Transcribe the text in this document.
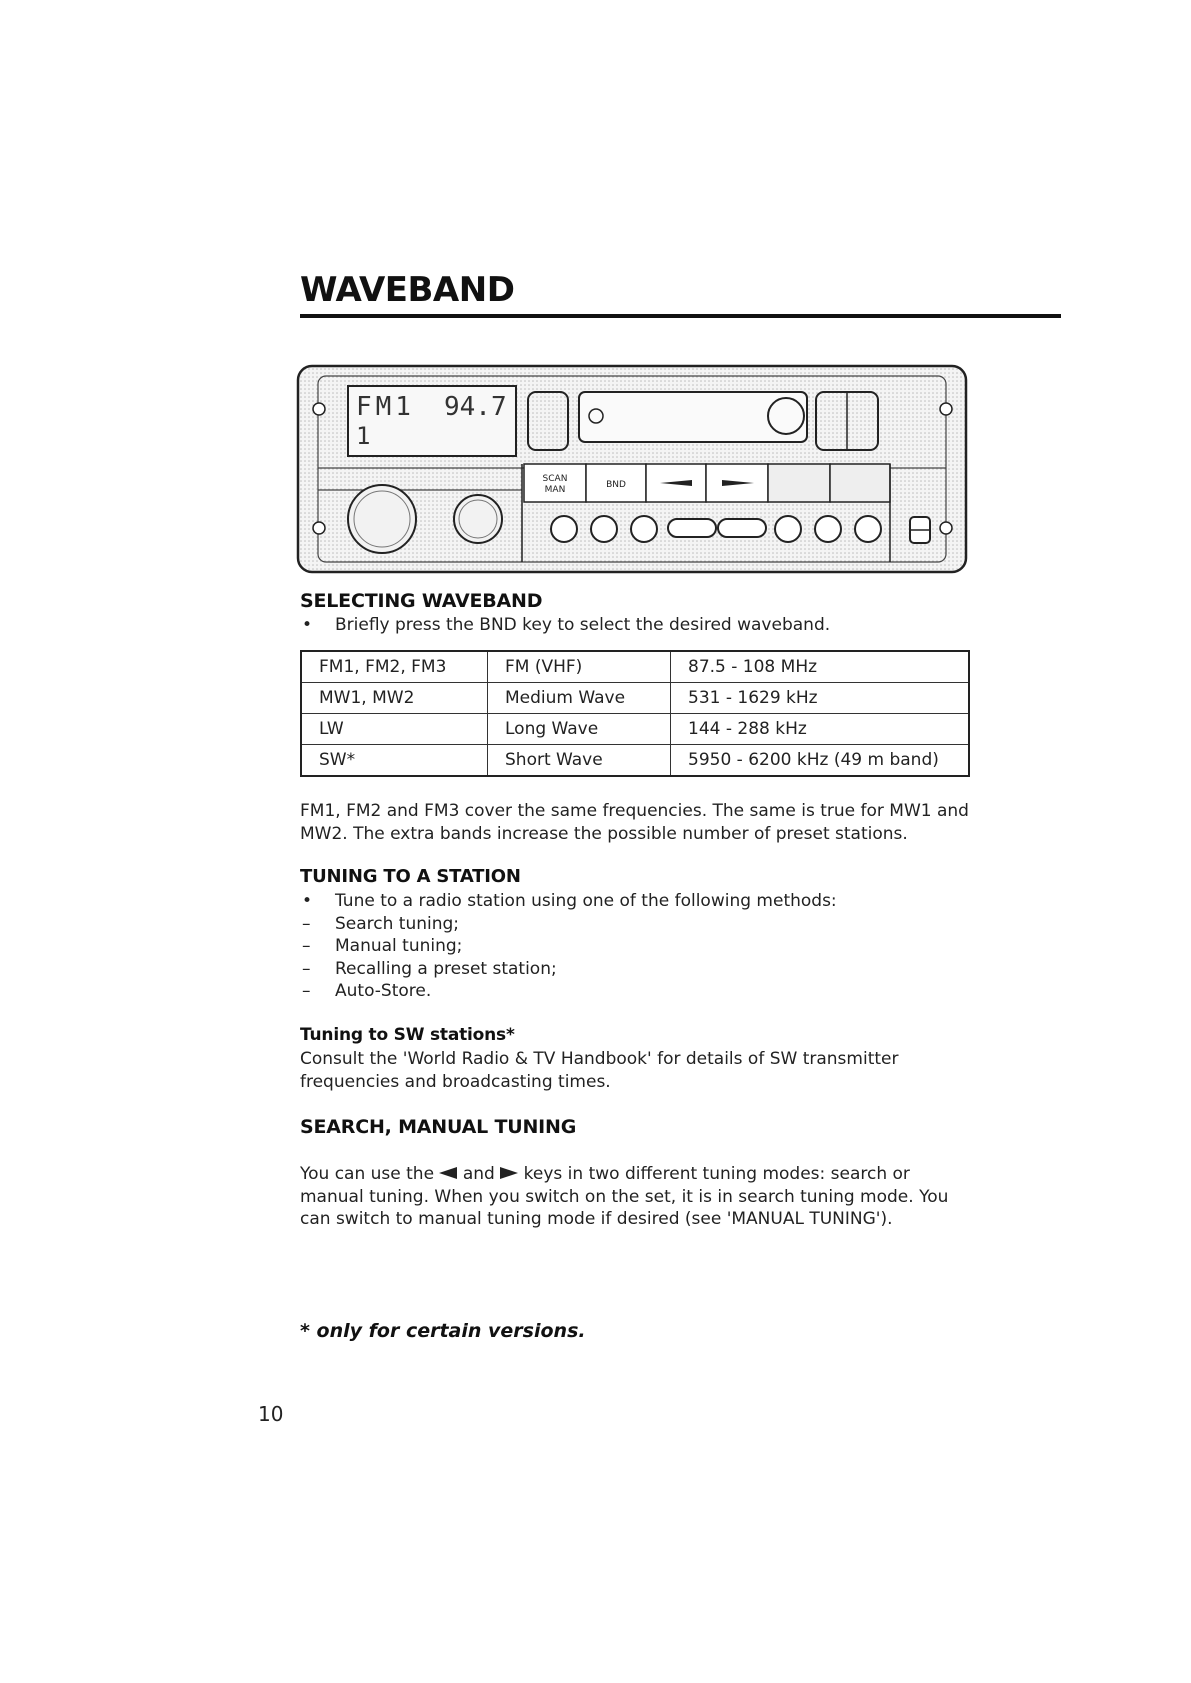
WAVEBAND
FM1 94.7
1
SCAN
MAN	BND
SELECTING WAVEBAND
•	Briefly press the BND key to select the desired waveband.
FM1, FM2, FM3	FM (VHF)	87.5 - 108 MHz
MW1, MW2	Medium Wave	531 - 1629 kHz
LW	Long Wave	144 - 288 kHz
SW*	Short Wave	5950 - 6200 kHz (49 m band)
FM1, FM2 and FM3 cover the same frequencies. The same is true for MW1 and MW2. The extra bands increase the possible number of preset stations.
TUNING TO A STATION
•	Tune to a radio station using one of the following methods:
–	Search tuning;
–	Manual tuning;
–	Recalling a preset station;
–	Auto-Store.
Tuning to SW stations*
Consult the 'World Radio & TV Handbook' for details of SW transmitter frequencies and broadcasting times.
SEARCH, MANUAL TUNING
You can use the and keys in two different tuning modes: search or manual tuning. When you switch on the set, it is in search tuning mode. You can switch to manual tuning mode if desired (see 'MANUAL TUNING').
* only for certain versions.
10
